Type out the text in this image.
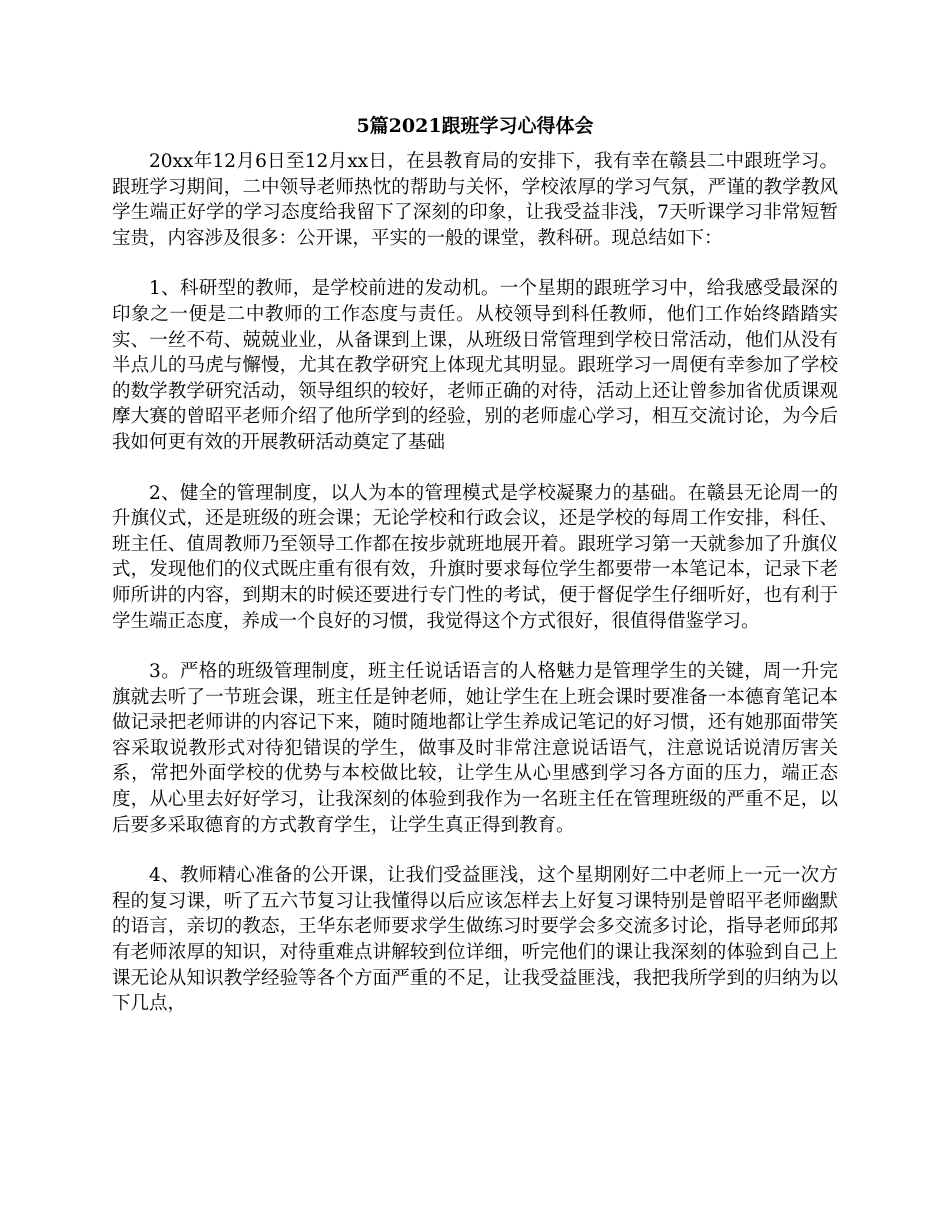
5篇2021跟班学习心得体会

20xx年12月6日至12月xx日，在县教育局的安排下，我有幸在赣县二中跟班学习。跟班学习期间，二中领导老师热忱的帮助与关怀，学校浓厚的学习气氛，严谨的教学教风学生端正好学的学习态度给我留下了深刻的印象，让我受益非浅，7天听课学习非常短暂宝贵，内容涉及很多：公开课，平实的一般的课堂，教科研。现总结如下：

1、科研型的教师，是学校前进的发动机。一个星期的跟班学习中，给我感受最深的印象之一便是二中教师的工作态度与责任。从校领导到科任教师，他们工作始终踏踏实实、一丝不苟、兢兢业业，从备课到上课，从班级日常管理到学校日常活动，他们从没有半点儿的马虎与懈慢，尤其在教学研究上体现尤其明显。跟班学习一周便有幸参加了学校的数学教学研究活动，领导组织的较好，老师正确的对待，活动上还让曾参加省优质课观摩大赛的曾昭平老师介绍了他所学到的经验，别的老师虚心学习，相互交流讨论，为今后我如何更有效的开展教研活动奠定了基础

2、健全的管理制度，以人为本的管理模式是学校凝聚力的基础。在赣县无论周一的升旗仪式，还是班级的班会课；无论学校和行政会议，还是学校的每周工作安排，科任、班主任、值周教师乃至领导工作都在按步就班地展开着。跟班学习第一天就参加了升旗仪式，发现他们的仪式既庄重有很有效，升旗时要求每位学生都要带一本笔记本，记录下老师所讲的内容，到期末的时候还要进行专门性的考试，便于督促学生仔细听好，也有利于学生端正态度，养成一个良好的习惯，我觉得这个方式很好，很值得借鉴学习。

3。严格的班级管理制度，班主任说话语言的人格魅力是管理学生的关键，周一升完旗就去听了一节班会课，班主任是钟老师，她让学生在上班会课时要准备一本德育笔记本做记录把老师讲的内容记下来，随时随地都让学生养成记笔记的好习惯，还有她那面带笑容采取说教形式对待犯错误的学生，做事及时非常注意说话语气，注意说话说清厉害关系，常把外面学校的优势与本校做比较，让学生从心里感到学习各方面的压力，端正态度，从心里去好好学习，让我深刻的体验到我作为一名班主任在管理班级的严重不足，以后要多采取德育的方式教育学生，让学生真正得到教育。

4、教师精心准备的公开课，让我们受益匪浅，这个星期刚好二中老师上一元一次方程的复习课，听了五六节复习让我懂得以后应该怎样去上好复习课特别是曾昭平老师幽默的语言，亲切的教态，王华东老师要求学生做练习时要学会多交流多讨论，指导老师邱邦有老师浓厚的知识，对待重难点讲解较到位详细，听完他们的课让我深刻的体验到自己上课无论从知识教学经验等各个方面严重的不足，让我受益匪浅，我把我所学到的归纳为以下几点，
